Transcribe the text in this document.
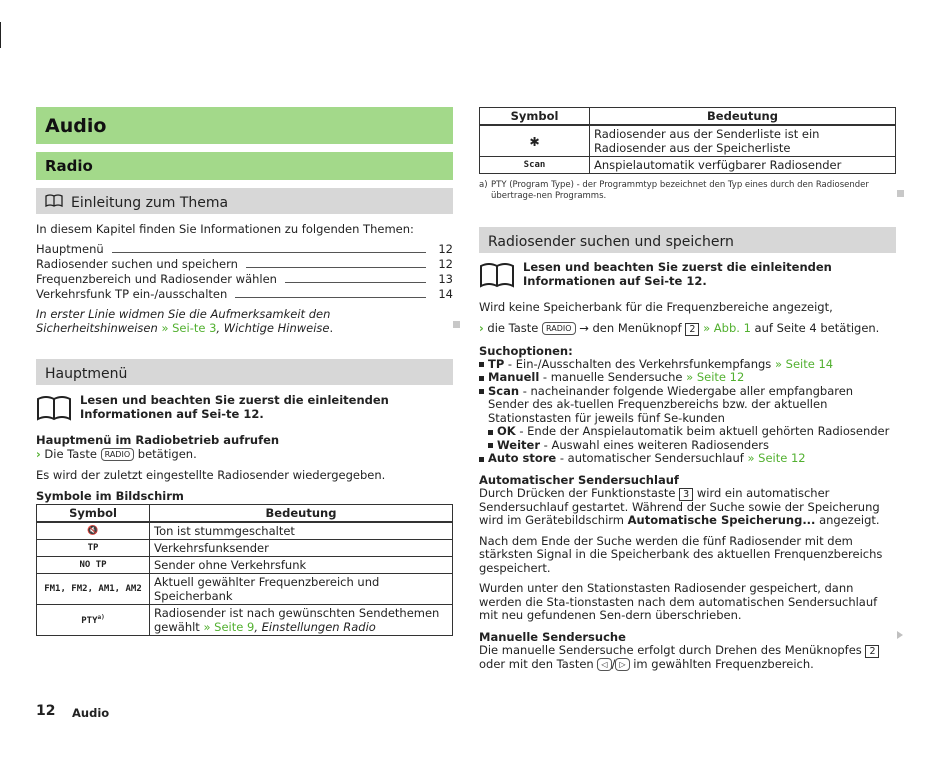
Audio
Radio
Einleitung zum Thema

In diesem Kapitel finden Sie Informationen zu folgenden Themen:

Hauptmenü	12
Radiosender suchen und speichern	12
Frequenzbereich und Radiosender wählen	13
Verkehrsfunk TP ein-/ausschalten	14

In erster Linie widmen Sie die Aufmerksamkeit den Sicherheitshinweisen » Sei-te 3, Wichtige Hinweise.

Hauptmenü
Lesen und beachten Sie zuerst die einleitenden Informationen auf Sei-te 12.

Hauptmenü im Radiobetrieb aufrufen

› Die Taste RADIO betätigen.

Es wird der zuletzt eingestellte Radiosender wiedergegeben.

Symbole im Bildschirm

Symbol	Bedeutung
🔇	Ton ist stummgeschaltet
TP	Verkehrsfunksender
NO TP	Sender ohne Verkehrsfunk
FM1, FM2, AM1, AM2	Aktuell gewählter Frequenzbereich und Speicherbank
PTY$^{a)}$	Radiosender ist nach gewünschten Sendethemen gewählt » Seite 9, Einstellungen Radio
Symbol	Bedeutung
✱	Radiosender aus der Senderliste ist ein Radiosender aus der Speicherliste
Scan	Anspielautomatik verfügbarer Radiosender
a) PTY (Program Type) - der Programmtyp bezeichnet den Typ eines durch den Radiosender übertrage-nen Programms.
Radiosender suchen und speichern
Lesen und beachten Sie zuerst die einleitenden Informationen auf Sei-te 12.

Wird keine Speicherbank für die Frequenzbereiche angezeigt,

› die Taste RADIO → den Menüknopf 2 » Abb. 1 auf Seite 4 betätigen.

Suchoptionen:

TP - Ein-/Ausschalten des Verkehrsfunkempfangs » Seite 14
Manuell - manuelle Sendersuche » Seite 12
Scan - nacheinander folgende Wiedergabe aller empfangbaren Sender des ak-tuellen Frequenzbereichs bzw. der aktuellen Stationstasten für jeweils fünf Se-kunden
OK - Ende der Anspielautomatik beim aktuell gehörten Radiosender
Weiter - Auswahl eines weiteren Radiosenders
Auto store - automatischer Sendersuchlauf » Seite 12

Automatischer Sendersuchlauf

Durch Drücken der Funktionstaste 3 wird ein automatischer Sendersuchlauf gestartet. Während der Suche sowie der Speicherung wird im Gerätebildschirm Automatische Speicherung... angezeigt.

Nach dem Ende der Suche werden die fünf Radiosender mit dem stärksten Signal in die Speicherbank des aktuellen Frenquenzbereichs gespeichert.

Wurden unter den Stationstasten Radiosender gespeichert, dann werden die Sta-tionstasten nach dem automatischen Sendersuchlauf mit neu gefundenen Sen-dern überschrieben.

Manuelle Sendersuche

Die manuelle Sendersuche erfolgt durch Drehen des Menüknopfes 2 oder mit den Tasten ◁ / ▷ im gewählten Frequenzbereich.

12 Audio
